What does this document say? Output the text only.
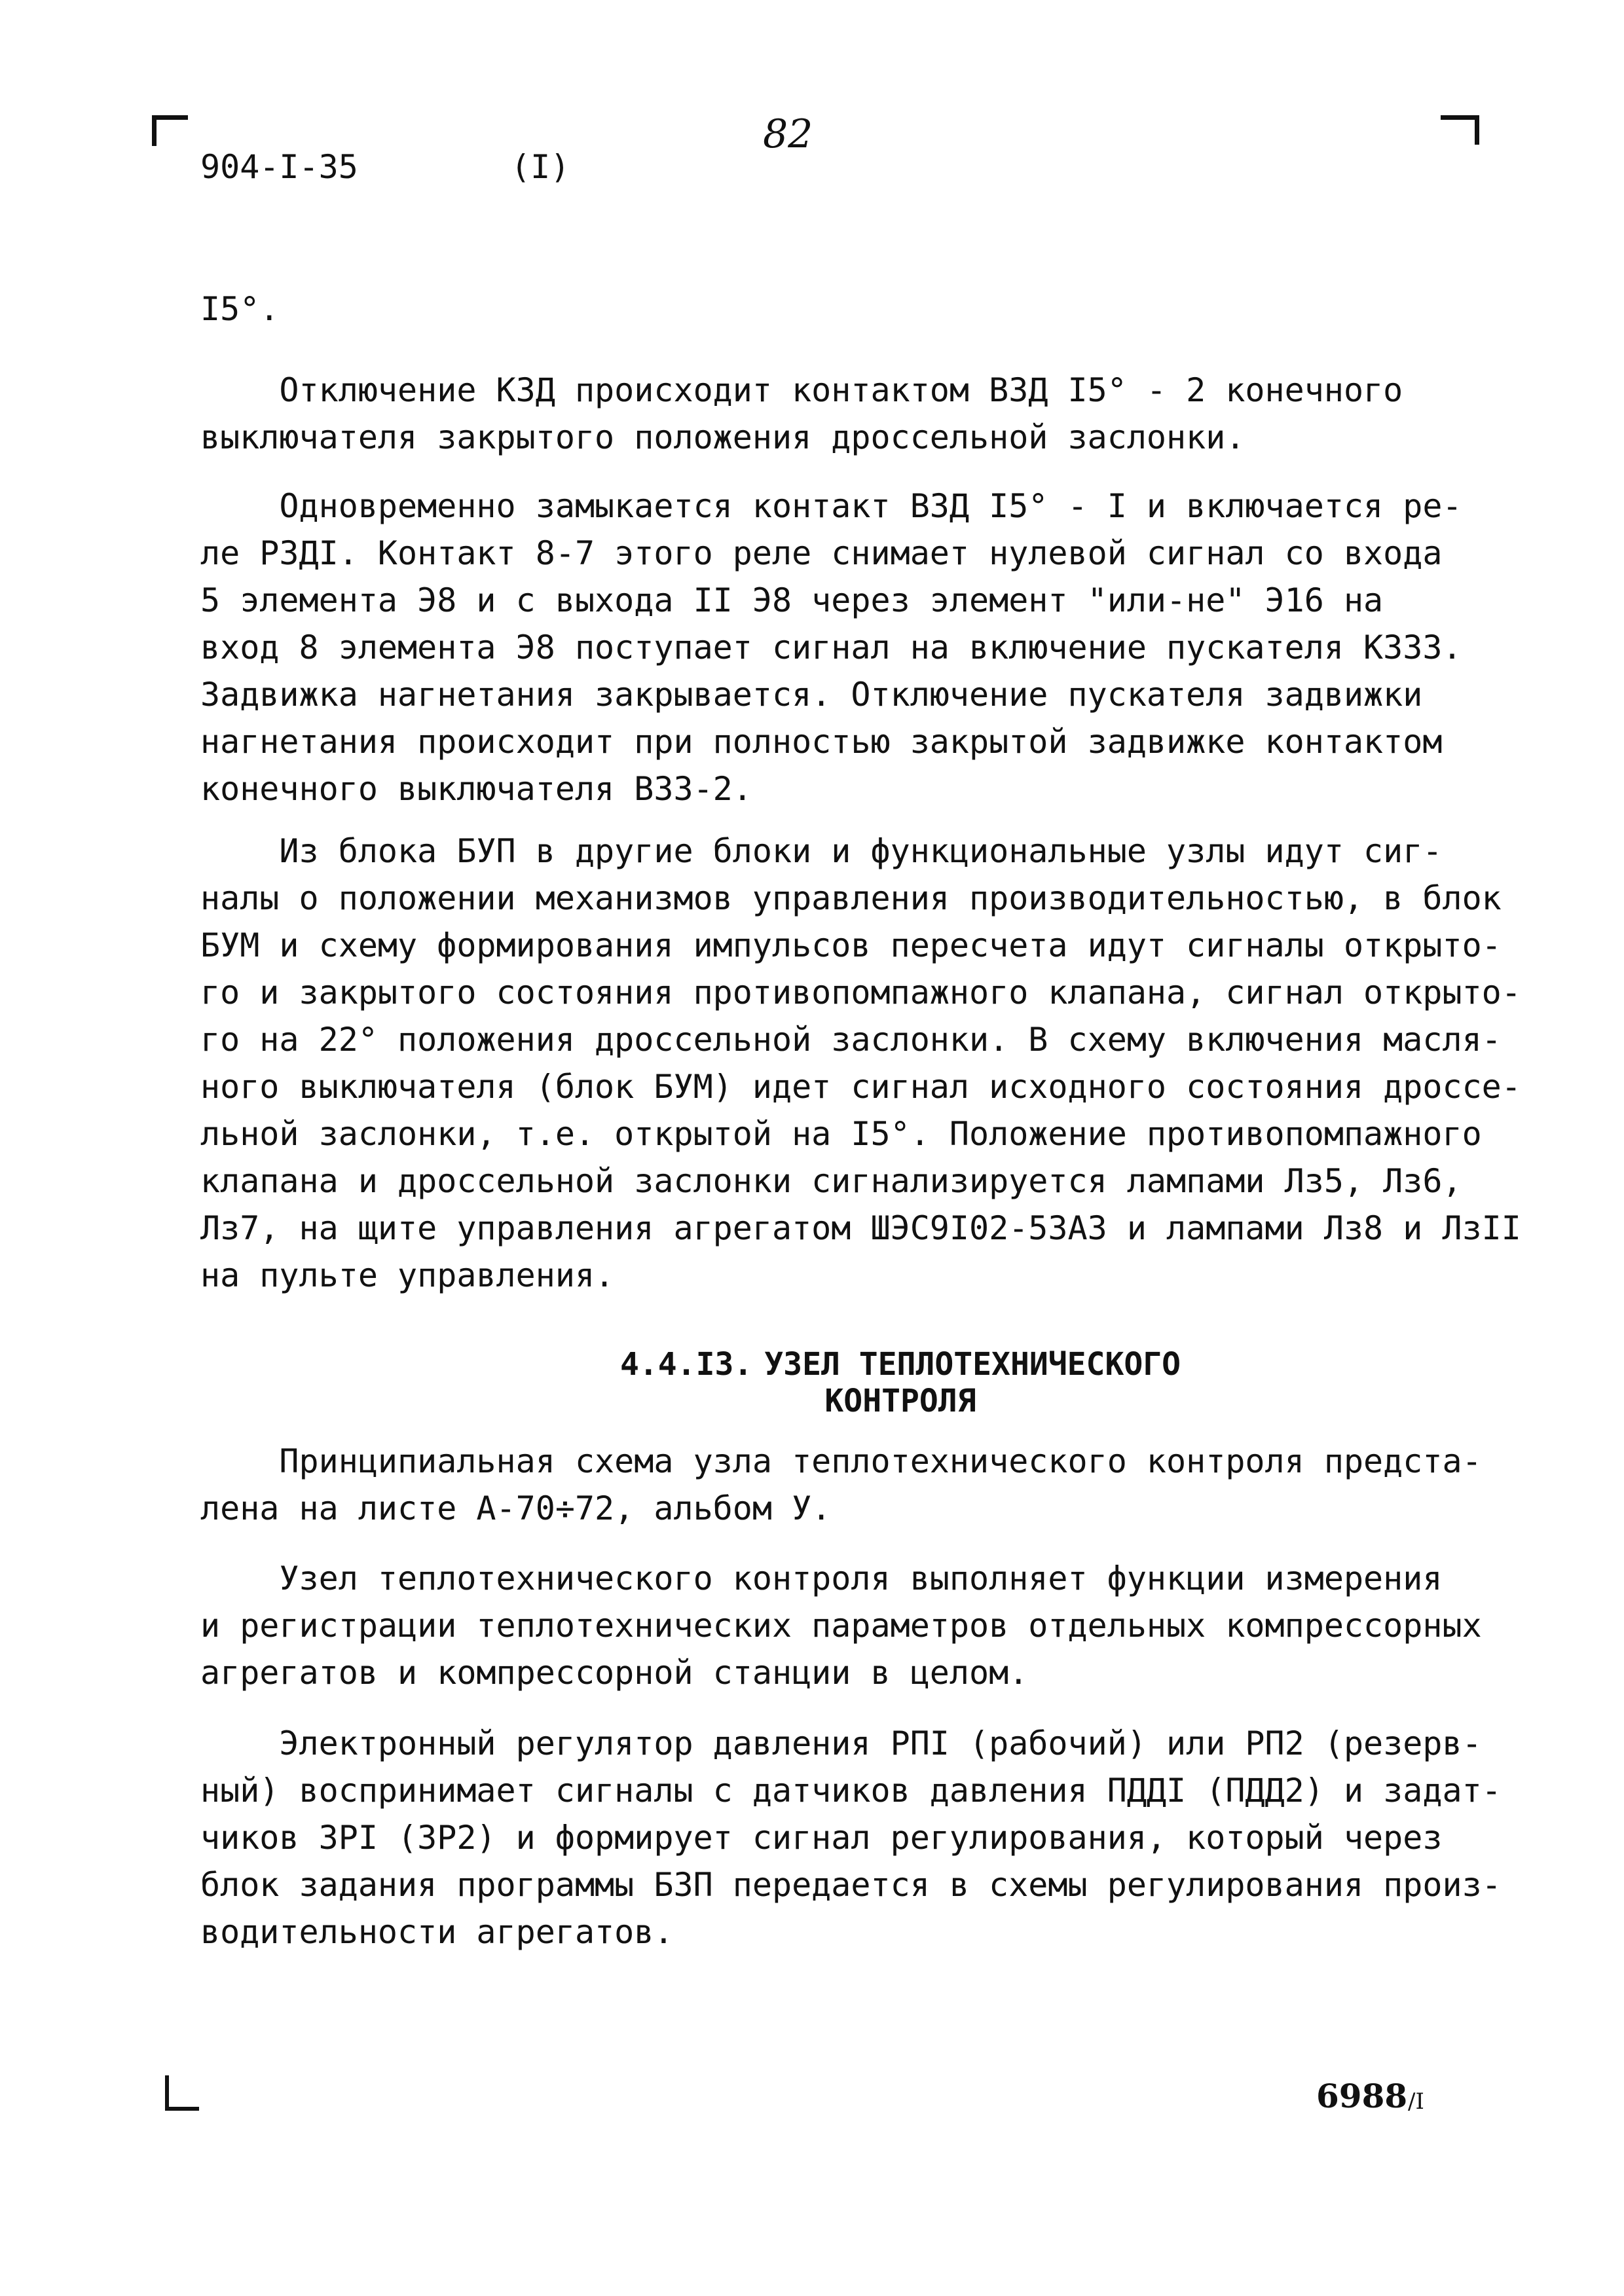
904-I-35	(I)
82
I5°.
Отключение КЗД происходит контактом ВЗД I5° - 2 конечного
выключателя закрытого положения дроссельной заслонки.
Одновременно замыкается контакт ВЗД I5° - I и включается ре-
ле РЗДI. Контакт 8-7 этого реле снимает нулевой сигнал со входа
5 элемента Э8 и с выхода II Э8 через элемент "или-не" Э16 на
вход 8 элемента Э8 поступает сигнал на включение пускателя КЗЗ3.
Задвижка нагнетания закрывается. Отключение пускателя задвижки
нагнетания происходит при полностью закрытой задвижке контактом
конечного выключателя ВЗЗ-2.
Из блока БУП в другие блоки и функциональные узлы идут сиг-
налы о положении механизмов управления производительностью, в блок
БУМ и схему формирования импульсов пересчета идут сигналы открыто-
го и закрытого состояния противопомпажного клапана, сигнал открыто-
го на 22° положения дроссельной заслонки. В схему включения масля-
ного выключателя (блок БУМ) идет сигнал исходного состояния дроссе-
льной заслонки, т.е. открытой на I5°. Положение противопомпажного
клапана и дроссельной заслонки сигнализируется лампами Лз5, Лз6,
Лз7, на щите управления агрегатом ШЭС9I02-53А3 и лампами Лз8 и ЛзII
на пульте управления.
4.4.I3. УЗЕЛ ТЕПЛОТЕХНИЧЕСКОГО
КОНТРОЛЯ
Принципиальная схема узла теплотехнического контроля предста-
лена на листе А-70÷72, альбом У.
Узел теплотехнического контроля выполняет функции измерения
и регистрации теплотехнических параметров отдельных компрессорных
агрегатов и компрессорной станции в целом.
Электронный регулятор давления РПI (рабочий) или РП2 (резерв-
ный) воспринимает сигналы с датчиков давления ПДДI (ПДД2) и задат-
чиков ЗРI (ЗР2) и формирует сигнал регулирования, который через
блок задания программы БЗП передается в схемы регулирования произ-
водительности агрегатов.
6988 /I
